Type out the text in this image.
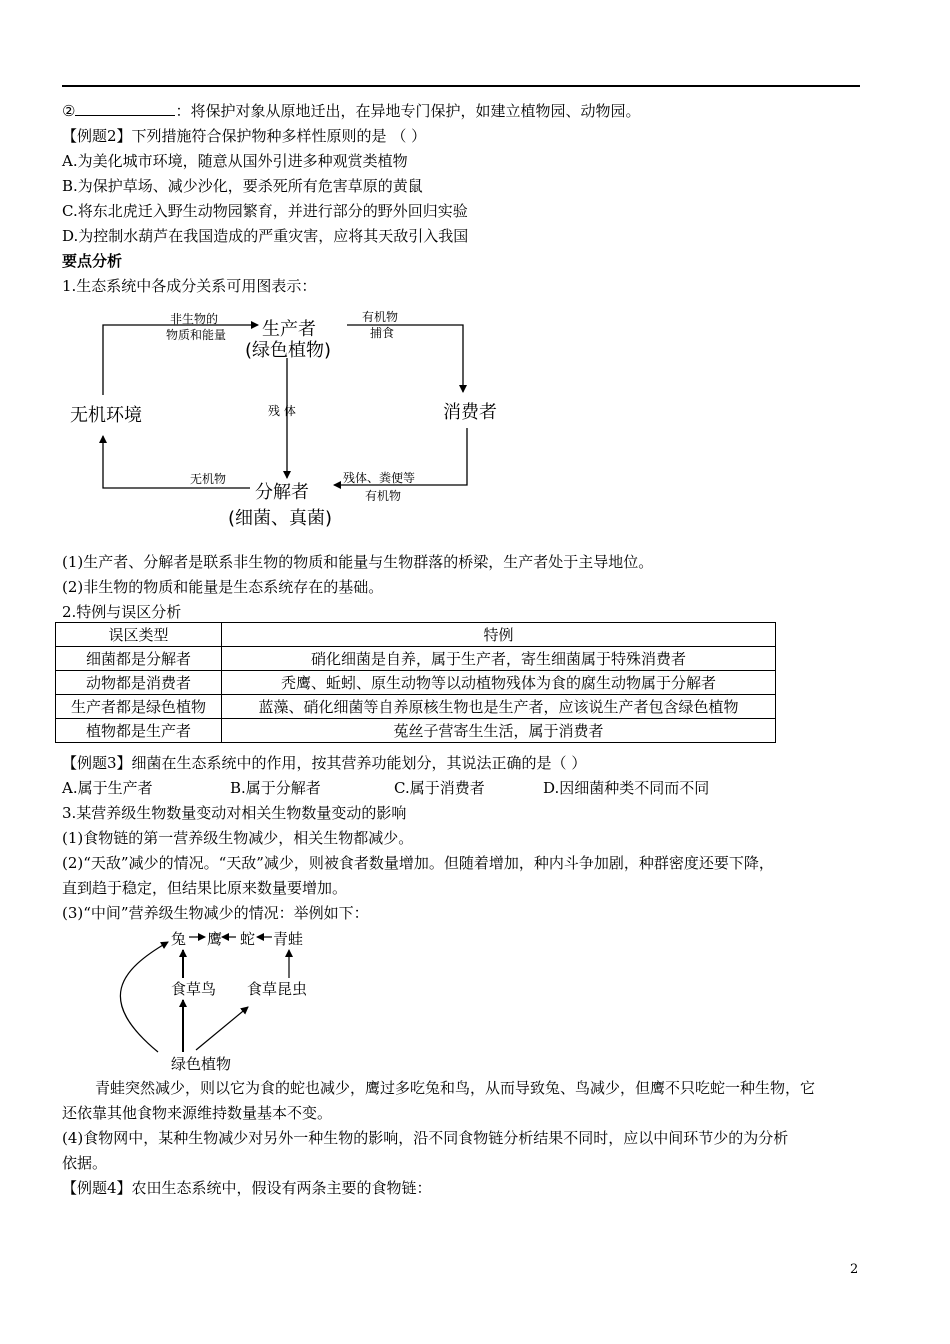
②	：将保护对象从原地迁出，在异地专门保护，如建立植物园、动物园。
【例题2】下列措施符合保护物种多样性原则的是 （ ）
A.为美化城市环境，随意从国外引进多种观赏类植物
B.为保护草场、减少沙化，要杀死所有危害草原的黄鼠
C.将东北虎迁入野生动物园繁育，并进行部分的野外回归实验
D.为控制水葫芦在我国造成的严重灾害，应将其天敌引入我国
要点分析
1.生态系统中各成分关系可用图表示：
生产者
(绿色植物)
消费者
无机环境
分解者
(细菌、真菌)
非生物的
物质和能量
有机物
捕食
残 体
残体、粪便等
有机物
无机物
(1)生产者、分解者是联系非生物的物质和能量与生物群落的桥梁，生产者处于主导地位。
(2)非生物的物质和能量是生态系统存在的基础。
2.特例与误区分析
误区类型	特例
细菌都是分解者	硝化细菌是自养，属于生产者，寄生细菌属于特殊消费者
动物都是消费者	秃鹰、蚯蚓、原生动物等以动植物残体为食的腐生动物属于分解者
生产者都是绿色植物	蓝藻、硝化细菌等自养原核生物也是生产者，应该说生产者包含绿色植物
植物都是生产者	菟丝子营寄生生活，属于消费者
【例题3】细菌在生态系统中的作用，按其营养功能划分，其说法正确的是（ ）
A.属于生产者	B.属于分解者	C.属于消费者	D.因细菌种类不同而不同
3.某营养级生物数量变动对相关生物数量变动的影响
(1)食物链的第一营养级生物减少，相关生物都减少。
(2)“天敌”减少的情况。“天敌”减少，则被食者数量增加。但随着增加，种内斗争加剧，种群密度还要下降，
直到趋于稳定，但结果比原来数量要增加。
(3)“中间”营养级生物减少的情况：举例如下：
兔 鹰 蛇 青蛙
食草鸟 食草昆虫
绿色植物
青蛙突然减少，则以它为食的蛇也减少，鹰过多吃兔和鸟，从而导致兔、鸟减少，但鹰不只吃蛇一种生物，它
还依靠其他食物来源维持数量基本不变。
(4)食物网中，某种生物减少对另外一种生物的影响，沿不同食物链分析结果不同时，应以中间环节少的为分析
依据。
【例题4】农田生态系统中，假设有两条主要的食物链：
2
